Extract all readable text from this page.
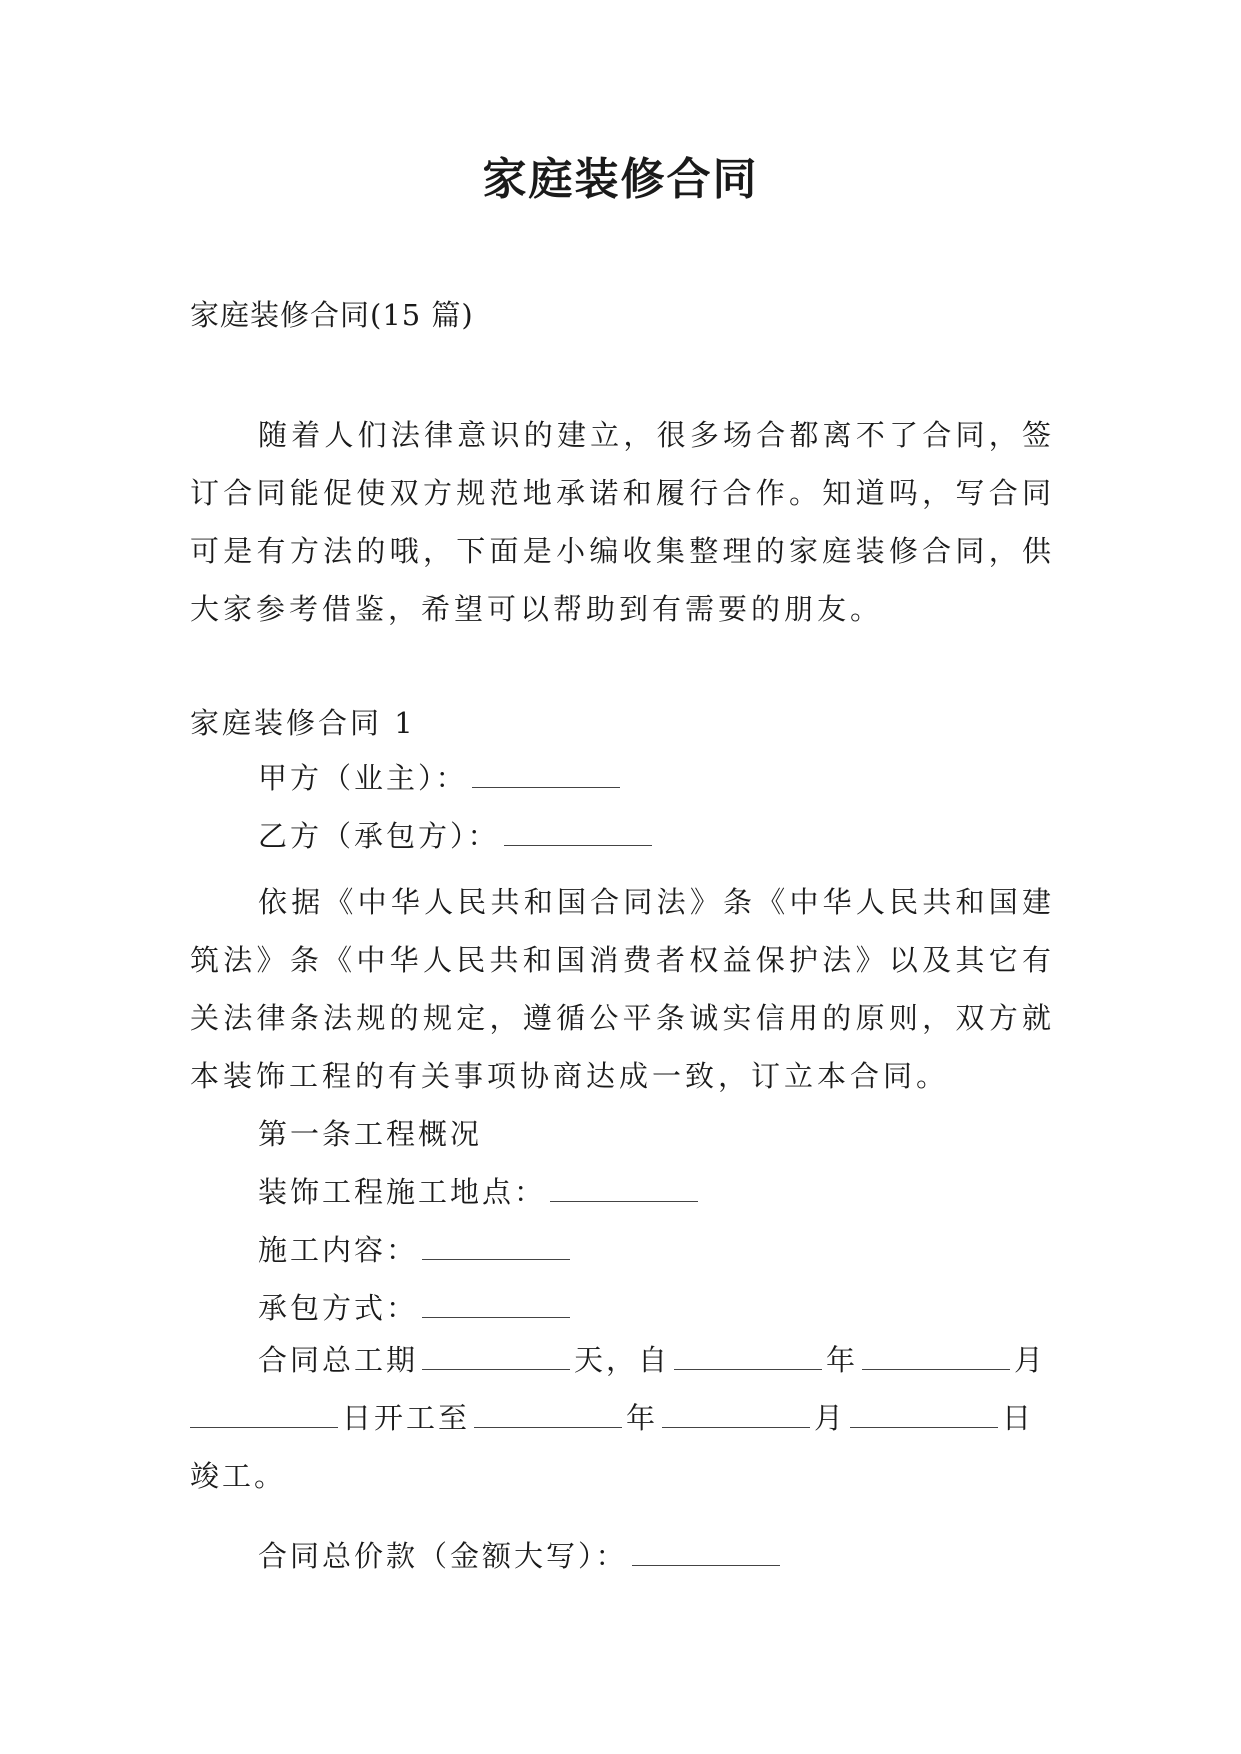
家庭装修合同

家庭装修合同(15 篇)

随着人们法律意识的建立，很多场合都离不了合同，签订合同能促使双方规范地承诺和履行合作。知道吗，写合同可是有方法的哦，下面是小编收集整理的家庭装修合同，供大家参考借鉴，希望可以帮助到有需要的朋友。

家庭装修合同 1

甲方（业主）：

乙方（承包方）：

依据《中华人民共和国合同法》条《中华人民共和国建筑法》条《中华人民共和国消费者权益保护法》以及其它有关法律条法规的规定，遵循公平条诚实信用的原则，双方就本装饰工程的有关事项协商达成一致，订立本合同。

第一条工程概况

装饰工程施工地点：

施工内容：

承包方式：

合同总工期	天，自	年	月
日开工至	年	月	日竣工。

合同总价款（金额大写）：
